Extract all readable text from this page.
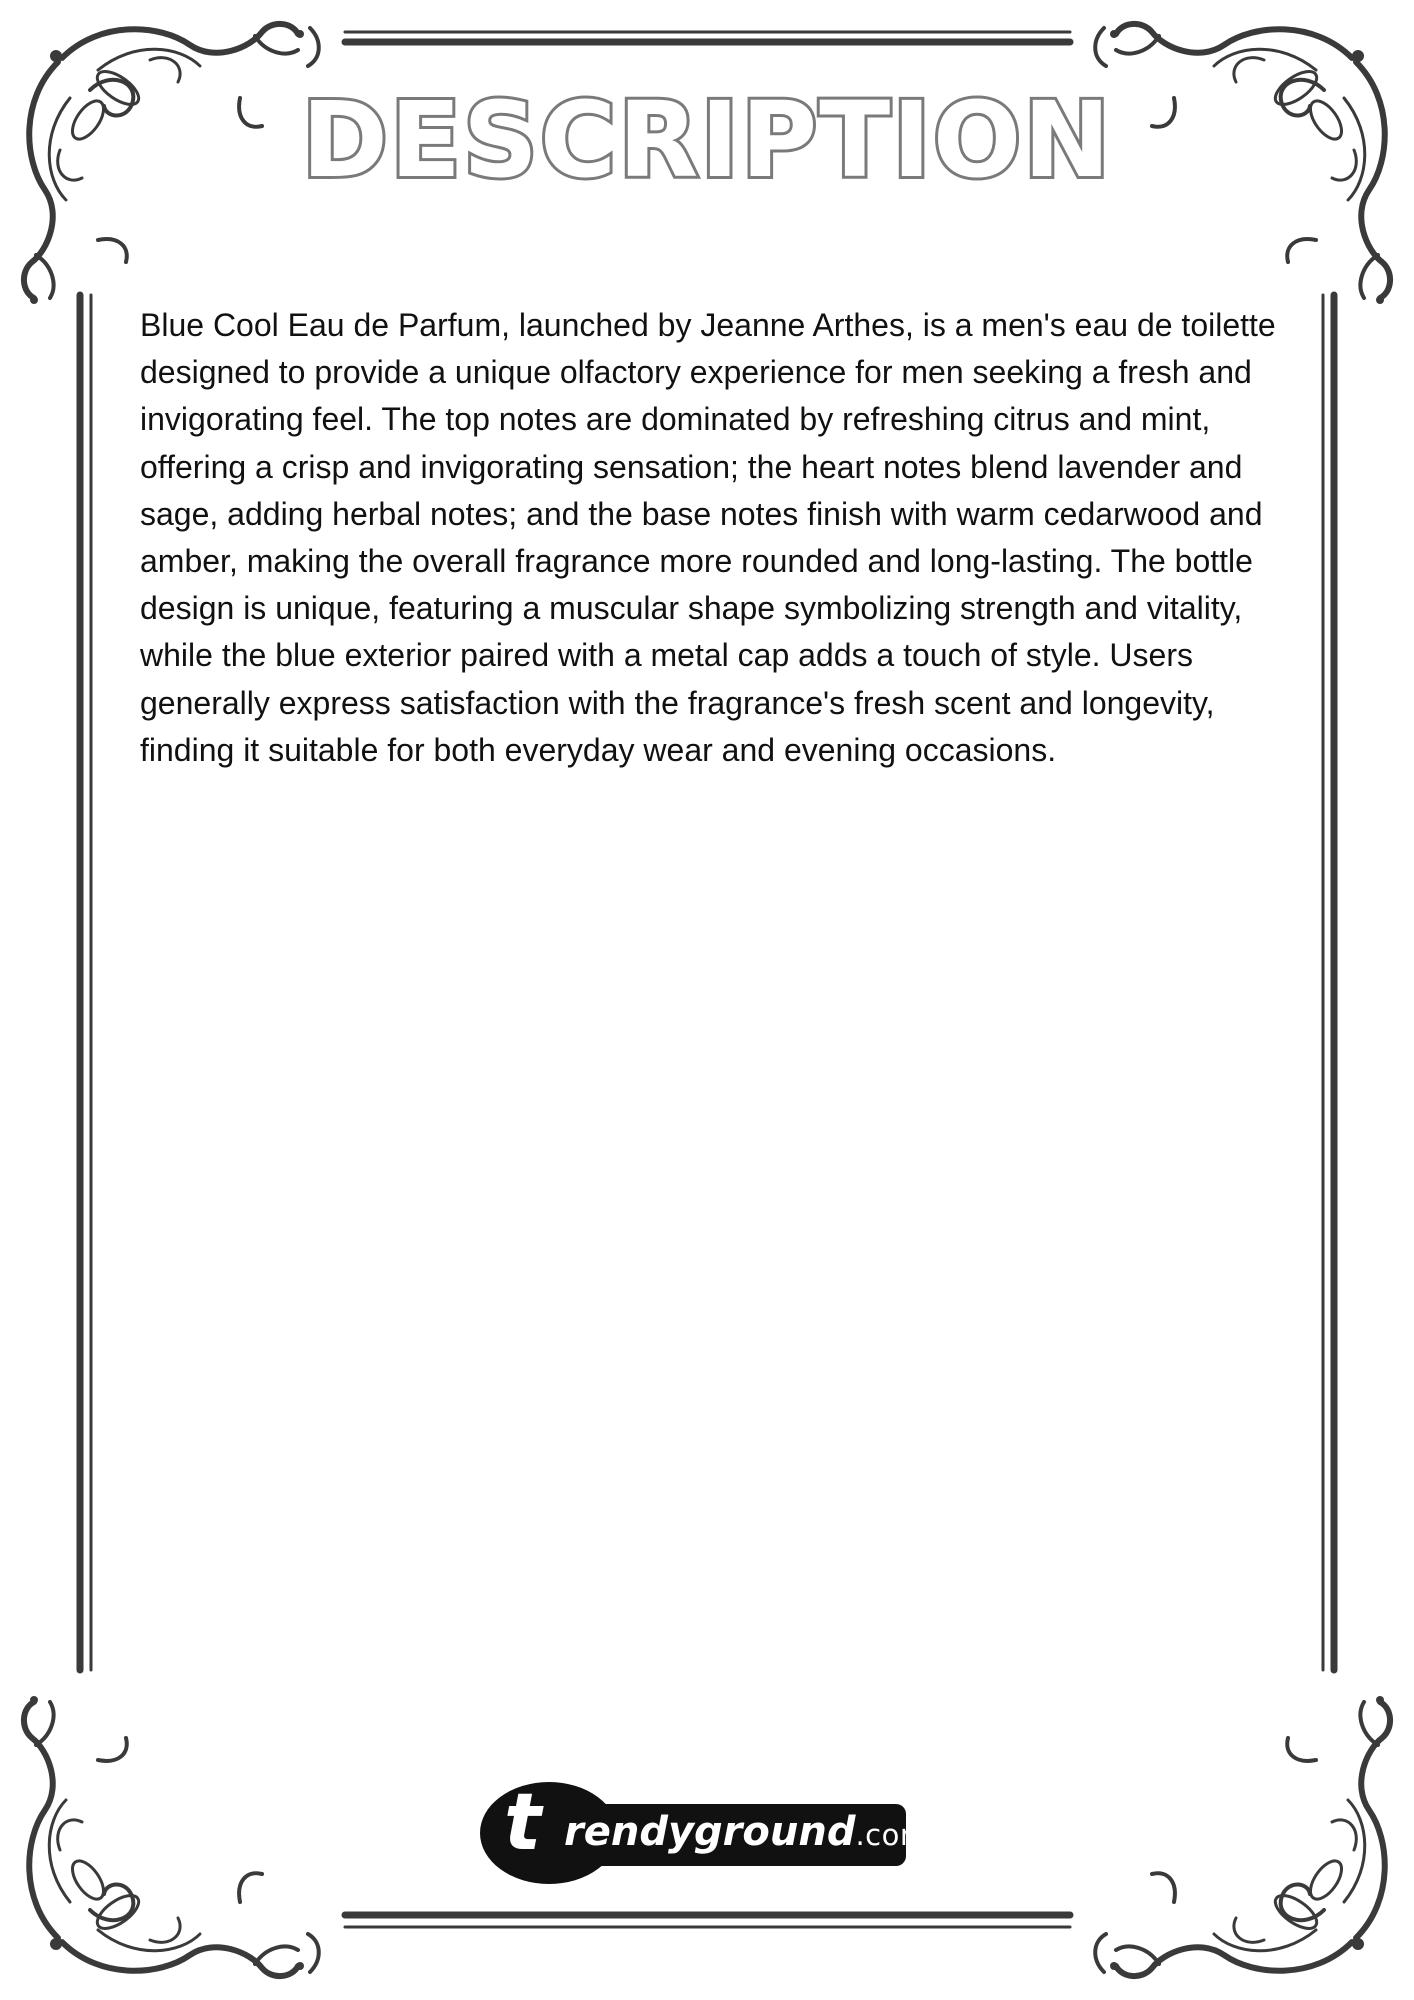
DESCRIPTION

Blue Cool Eau de Parfum, launched by Jeanne Arthes, is a men's eau de toilette designed to provide a unique olfactory experience for men seeking a fresh and invigorating feel. The top notes are dominated by refreshing citrus and mint, offering a crisp and invigorating sensation; the heart notes blend lavender and sage, adding herbal notes; and the base notes finish with warm cedarwood and amber, making the overall fragrance more rounded and long-lasting. The bottle design is unique, featuring a muscular shape symbolizing strength and vitality, while the blue exterior paired with a metal cap adds a touch of style. Users generally express satisfaction with the fragrance's fresh scent and longevity, finding it suitable for both everyday wear and evening occasions.

t rendyground.com
